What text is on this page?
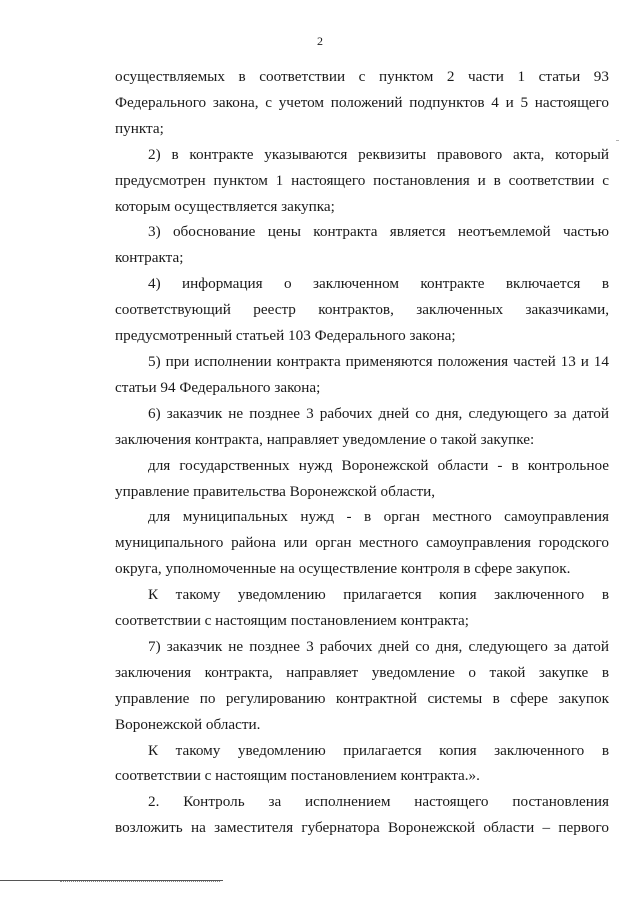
2
осуществляемых в соответствии с пунктом 2 части 1 статьи 93
Федерального закона, с учетом положений подпунктов 4 и 5 настоящего
пункта;
2) в контракте указываются реквизиты правового акта, который
предусмотрен пунктом 1 настоящего постановления и в соответствии с
которым осуществляется закупка;
3) обоснование цены контракта является неотъемлемой частью
контракта;
4) информация о заключенном контракте включается в
соответствующий реестр контрактов, заключенных заказчиками,
предусмотренный статьей 103 Федерального закона;
5) при исполнении контракта применяются положения частей 13 и 14
статьи 94 Федерального закона;
6) заказчик не позднее 3 рабочих дней со дня, следующего за датой
заключения контракта, направляет уведомление о такой закупке:
для государственных нужд Воронежской области - в контрольное
управление правительства Воронежской области,
для муниципальных нужд - в орган местного самоуправления
муниципального района или орган местного самоуправления городского
округа, уполномоченные на осуществление контроля в сфере закупок.
К такому уведомлению прилагается копия заключенного в
соответствии с настоящим постановлением контракта;
7) заказчик не позднее 3 рабочих дней со дня, следующего за датой
заключения контракта, направляет уведомление о такой закупке в
управление по регулированию контрактной системы в сфере закупок
Воронежской области.
К такому уведомлению прилагается копия заключенного в
соответствии с настоящим постановлением контракта.».
2. Контроль за исполнением настоящего постановления
возложить на заместителя губернатора Воронежской области – первого
